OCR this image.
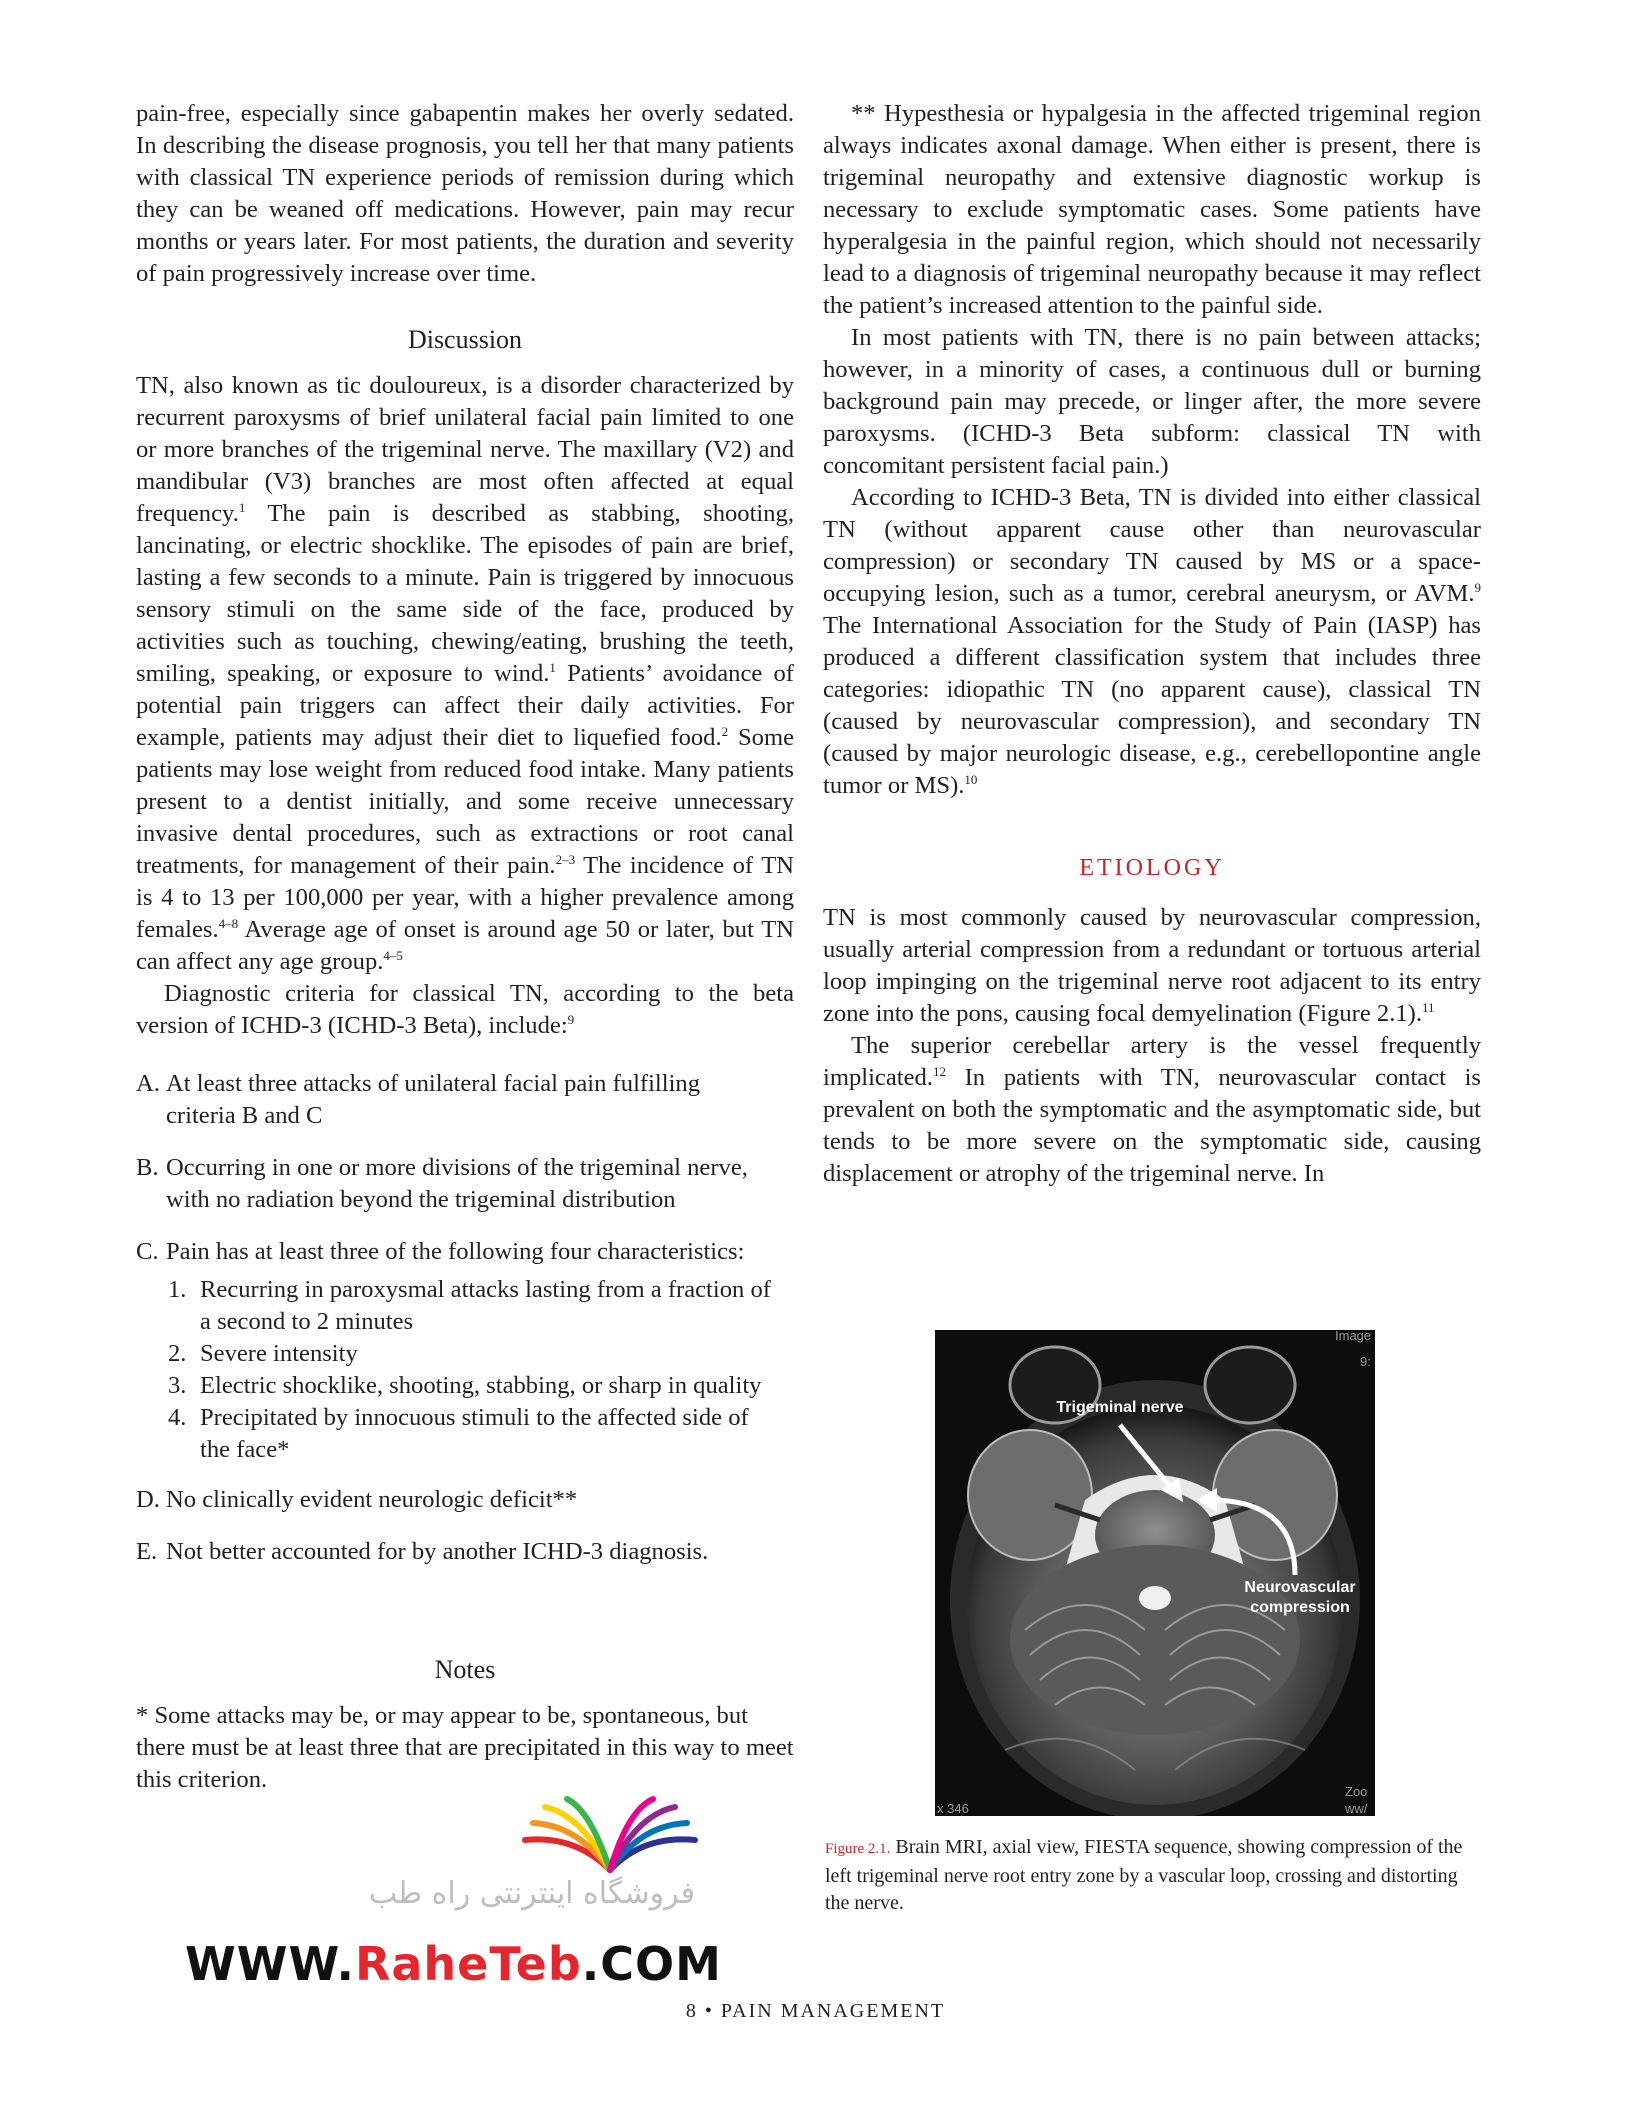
pain-free, especially since gabapentin makes her overly sedated. In describing the disease prognosis, you tell her that many patients with classical TN experience periods of remission during which they can be weaned off medications. However, pain may recur months or years later. For most patients, the duration and severity of pain progressively increase over time.

Discussion

TN, also known as tic douloureux, is a disorder characterized by recurrent paroxysms of brief unilateral facial pain limited to one or more branches of the trigeminal nerve. The maxillary (V2) and mandibular (V3) branches are most often affected at equal frequency.$^1$ The pain is described as stabbing, shooting, lancinating, or electric shocklike. The episodes of pain are brief, lasting a few seconds to a minute. Pain is triggered by innocuous sensory stimuli on the same side of the face, produced by activities such as touching, chewing/eating, brushing the teeth, smiling, speaking, or exposure to wind.$^1$ Patients’ avoidance of potential pain triggers can affect their daily activities. For example, patients may adjust their diet to liquefied food.$^2$ Some patients may lose weight from reduced food intake. Many patients present to a dentist initially, and some receive unnecessary invasive dental procedures, such as extractions or root canal treatments, for management of their pain.$^{2-3}$ The incidence of TN is 4 to 13 per 100,000 per year, with a higher prevalence among females.$^{4-8}$ Average age of onset is around age 50 or later, but TN can affect any age group.$^{4-5}$

Diagnostic criteria for classical TN, according to the beta version of ICHD-3 (ICHD-3 Beta), include:$^9$

A. At least three attacks of unilateral facial pain fulfilling criteria B and C
B. Occurring in one or more divisions of the trigeminal nerve, with no radiation beyond the trigeminal distribution
C. Pain has at least three of the following four characteristics:
1. Recurring in paroxysmal attacks lasting from a fraction of a second to 2 minutes
2. Severe intensity
3. Electric shocklike, shooting, stabbing, or sharp in quality
4. Precipitated by innocuous stimuli to the affected side of the face*
D. No clinically evident neurologic deficit**
E. Not better accounted for by another ICHD-3 diagnosis.
Notes

* Some attacks may be, or may appear to be, spontaneous, but there must be at least three that are precipitated in this way to meet this criterion.

** Hypesthesia or hypalgesia in the affected trigeminal region always indicates axonal damage. When either is present, there is trigeminal neuropathy and extensive diagnostic workup is necessary to exclude symptomatic cases. Some patients have hyperalgesia in the painful region, which should not necessarily lead to a diagnosis of trigeminal neuropathy because it may reflect the patient’s increased attention to the painful side.

In most patients with TN, there is no pain between attacks; however, in a minority of cases, a continuous dull or burning background pain may precede, or linger after, the more severe paroxysms. (ICHD-3 Beta subform: classical TN with concomitant persistent facial pain.)

According to ICHD-3 Beta, TN is divided into either classical TN (without apparent cause other than neurovascular compression) or secondary TN caused by MS or a space-occupying lesion, such as a tumor, cerebral aneurysm, or AVM.$^9$ The International Association for the Study of Pain (IASP) has produced a different classification system that includes three categories: idiopathic TN (no apparent cause), classical TN (caused by neurovascular compression), and secondary TN (caused by major neurologic disease, e.g., cerebellopontine angle tumor or MS).$^{10}$

ETIOLOGY

TN is most commonly caused by neurovascular compression, usually arterial compression from a redundant or tortuous arterial loop impinging on the trigeminal nerve root adjacent to its entry zone into the pons, causing focal demyelination (Figure 2.1).$^{11}$

The superior cerebellar artery is the vessel frequently implicated.$^{12}$ In patients with TN, neurovascular contact is prevalent on both the symptomatic and the asymptomatic side, but tends to be more severe on the symptomatic side, causing displacement or atrophy of the trigeminal nerve. In

Trigeminal nerve
Neurovascular
compression
Image
9:
x 346
Zoo
ww/
Figure 2.1. Brain MRI, axial view, FIESTA sequence, showing compression of the left trigeminal nerve root entry zone by a vascular loop, crossing and distorting the nerve.
فروشگاه اینترنتی راه طب
WWW.RaheTeb.COM
8 • PAIN MANAGEMENT
